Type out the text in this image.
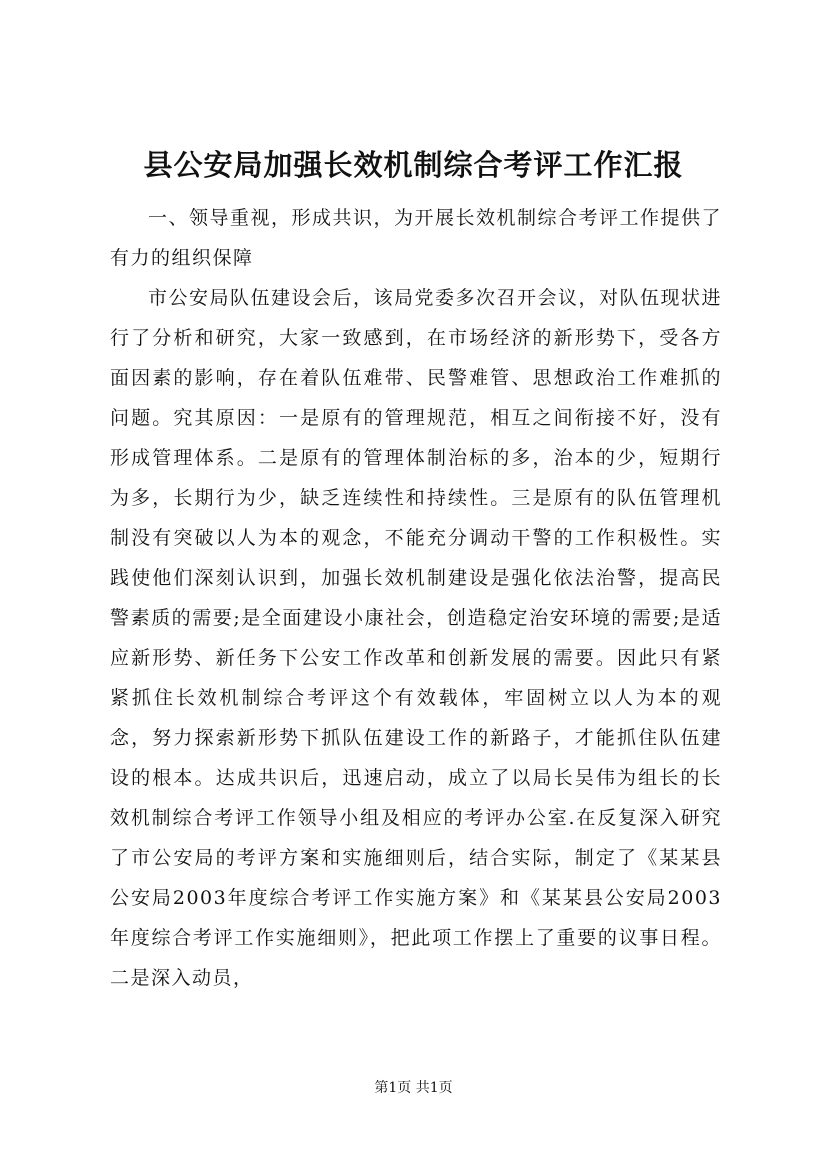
县公安局加强长效机制综合考评工作汇报

一、领导重视，形成共识，为开展长效机制综合考评工作提供了有力的组织保障

市公安局队伍建设会后，该局党委多次召开会议，对队伍现状进行了分析和研究，大家一致感到，在市场经济的新形势下，受各方面因素的影响，存在着队伍难带、民警难管、思想政治工作难抓的问题。究其原因：一是原有的管理规范，相互之间衔接不好，没有形成管理体系。二是原有的管理体制治标的多，治本的少，短期行为多，长期行为少，缺乏连续性和持续性。三是原有的队伍管理机制没有突破以人为本的观念，不能充分调动干警的工作积极性。实践使他们深刻认识到，加强长效机制建设是强化依法治警，提高民警素质的需要;是全面建设小康社会，创造稳定治安环境的需要;是适应新形势、新任务下公安工作改革和创新发展的需要。因此只有紧紧抓住长效机制综合考评这个有效载体，牢固树立以人为本的观念，努力探索新形势下抓队伍建设工作的新路子，才能抓住队伍建设的根本。达成共识后，迅速启动，成立了以局长吴伟为组长的长效机制综合考评工作领导小组及相应的考评办公室.在反复深入研究了市公安局的考评方案和实施细则后，结合实际，制定了《某某县公安局2003年度综合考评工作实施方案》和《某某县公安局2003年度综合考评工作实施细则》，把此项工作摆上了重要的议事日程。二是深入动员，

第1页 共1页
